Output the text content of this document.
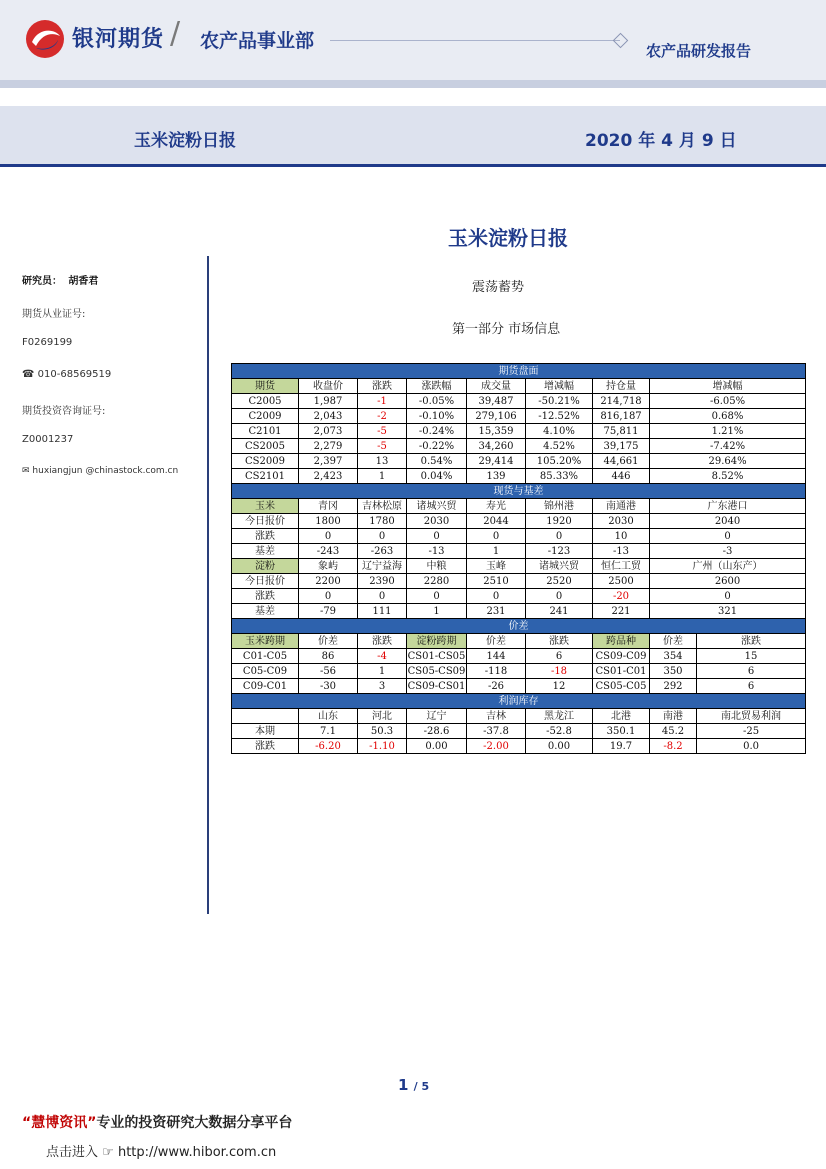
银河期货 / 农产品事业部	农产品研发报告
玉米淀粉日报	2020 年 4 月 9 日
玉米淀粉日报
震荡蓄势
第一部分 市场信息
研究员： 胡香君
期货从业证号:
F0269199
☎ 010-68569519
期货投资咨询证号:
Z0001237
✉ huxiangjun @chinastock.com.cn
期货盘面								
期货	收盘价	涨跌	涨跌幅	成交量	增减幅	持仓量	增减幅	
C2005	1,987	-1	-0.05%	39,487	-50.21%	214,718	-6.05%	
C2009	2,043	-2	-0.10%	279,106	-12.52%	816,187	0.68%	
C2101	2,073	-5	-0.24%	15,359	4.10%	75,811	1.21%	
CS2005	2,279	-5	-0.22%	34,260	4.52%	39,175	-7.42%	
CS2009	2,397	13	0.54%	29,414	105.20%	44,661	29.64%	
CS2101	2,423	1	0.04%	139	85.33%	446	8.52%	
现货与基差								
玉米	青冈	吉林松原	诸城兴贸	寿光	锦州港	南通港	广东港口	
今日报价	1800	1780	2030	2044	1920	2030	2040	
涨跌	0	0	0	0	0	10	0	
基差	-243	-263	-13	1	-123	-13	-3	
淀粉	象屿	辽宁益海	中粮	玉峰	诸城兴贸	恒仁工贸	广州（山东产）	
今日报价	2200	2390	2280	2510	2520	2500	2600	
涨跌	0	0	0	0	0	-20	0	
基差	-79	111	1	231	241	221	321	
价差								
玉米跨期	价差	涨跌	淀粉跨期	价差	涨跌	跨品种	价差	涨跌
C01-C05	86	-4	CS01-CS05	144	6	CS09-C09	354	15
C05-C09	-56	1	CS05-CS09	-118	-18	CS01-C01	350	6
C09-C01	-30	3	CS09-CS01	-26	12	CS05-C05	292	6
利润库存								
	山东	河北	辽宁	吉林	黑龙江	北港	南港	南北贸易利润
本期	7.1	50.3	-28.6	-37.8	-52.8	350.1	45.2	-25
涨跌	-6.20	-1.10	0.00	-2.00	0.00	19.7	-8.2	0.0
1 / 5
“慧博资讯”专业的投资研究大数据分享平台
点击进入 ☞ http://www.hibor.com.cn
